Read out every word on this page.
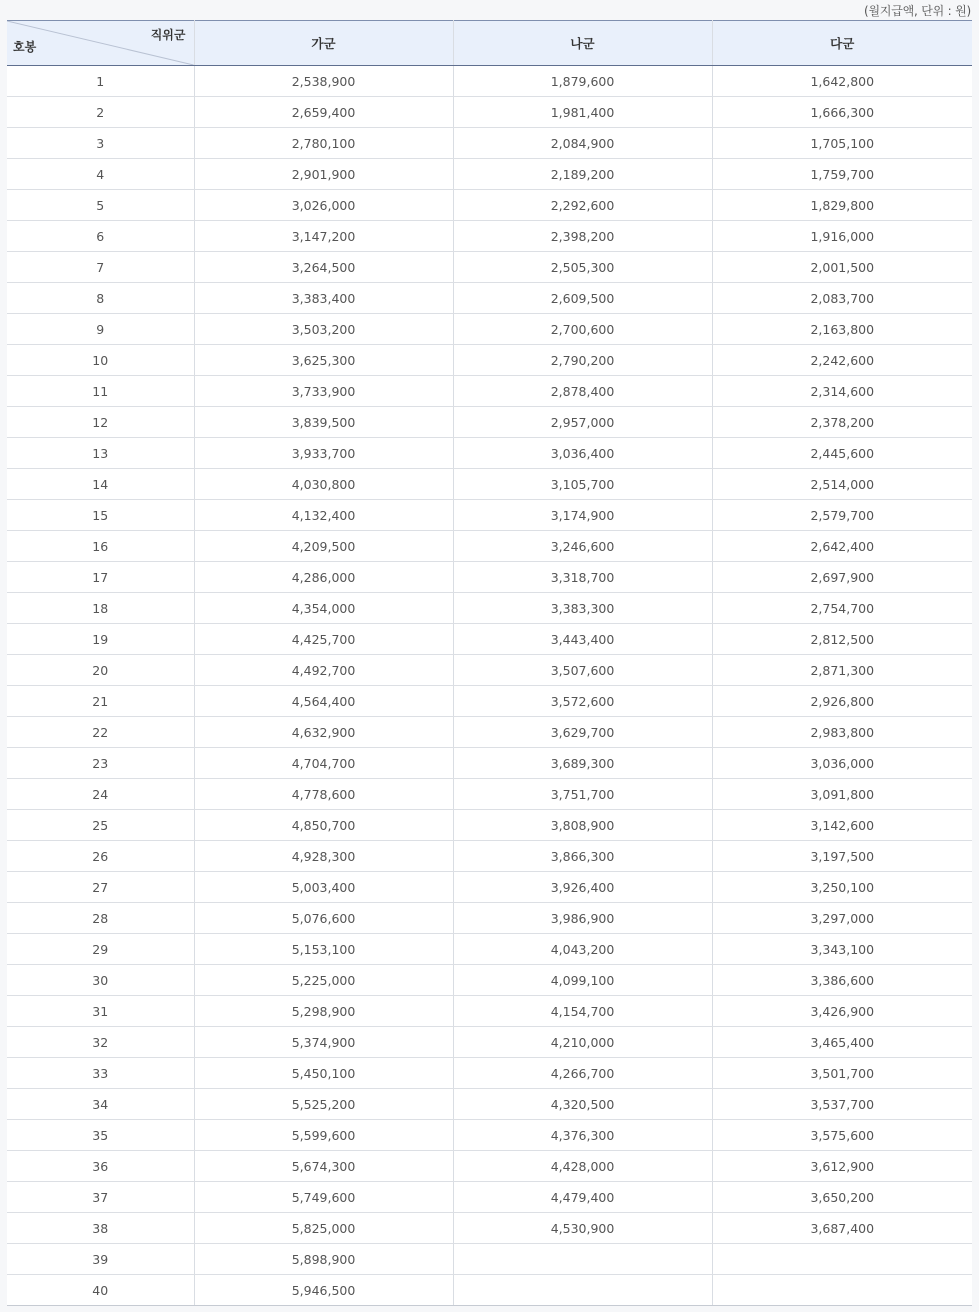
(월지급액, 단위 : 원)
직위군
호봉	가군	나군	다군
1	2,538,900	1,879,600	1,642,800
2	2,659,400	1,981,400	1,666,300
3	2,780,100	2,084,900	1,705,100
4	2,901,900	2,189,200	1,759,700
5	3,026,000	2,292,600	1,829,800
6	3,147,200	2,398,200	1,916,000
7	3,264,500	2,505,300	2,001,500
8	3,383,400	2,609,500	2,083,700
9	3,503,200	2,700,600	2,163,800
10	3,625,300	2,790,200	2,242,600
11	3,733,900	2,878,400	2,314,600
12	3,839,500	2,957,000	2,378,200
13	3,933,700	3,036,400	2,445,600
14	4,030,800	3,105,700	2,514,000
15	4,132,400	3,174,900	2,579,700
16	4,209,500	3,246,600	2,642,400
17	4,286,000	3,318,700	2,697,900
18	4,354,000	3,383,300	2,754,700
19	4,425,700	3,443,400	2,812,500
20	4,492,700	3,507,600	2,871,300
21	4,564,400	3,572,600	2,926,800
22	4,632,900	3,629,700	2,983,800
23	4,704,700	3,689,300	3,036,000
24	4,778,600	3,751,700	3,091,800
25	4,850,700	3,808,900	3,142,600
26	4,928,300	3,866,300	3,197,500
27	5,003,400	3,926,400	3,250,100
28	5,076,600	3,986,900	3,297,000
29	5,153,100	4,043,200	3,343,100
30	5,225,000	4,099,100	3,386,600
31	5,298,900	4,154,700	3,426,900
32	5,374,900	4,210,000	3,465,400
33	5,450,100	4,266,700	3,501,700
34	5,525,200	4,320,500	3,537,700
35	5,599,600	4,376,300	3,575,600
36	5,674,300	4,428,000	3,612,900
37	5,749,600	4,479,400	3,650,200
38	5,825,000	4,530,900	3,687,400
39	5,898,900		
40	5,946,500		
